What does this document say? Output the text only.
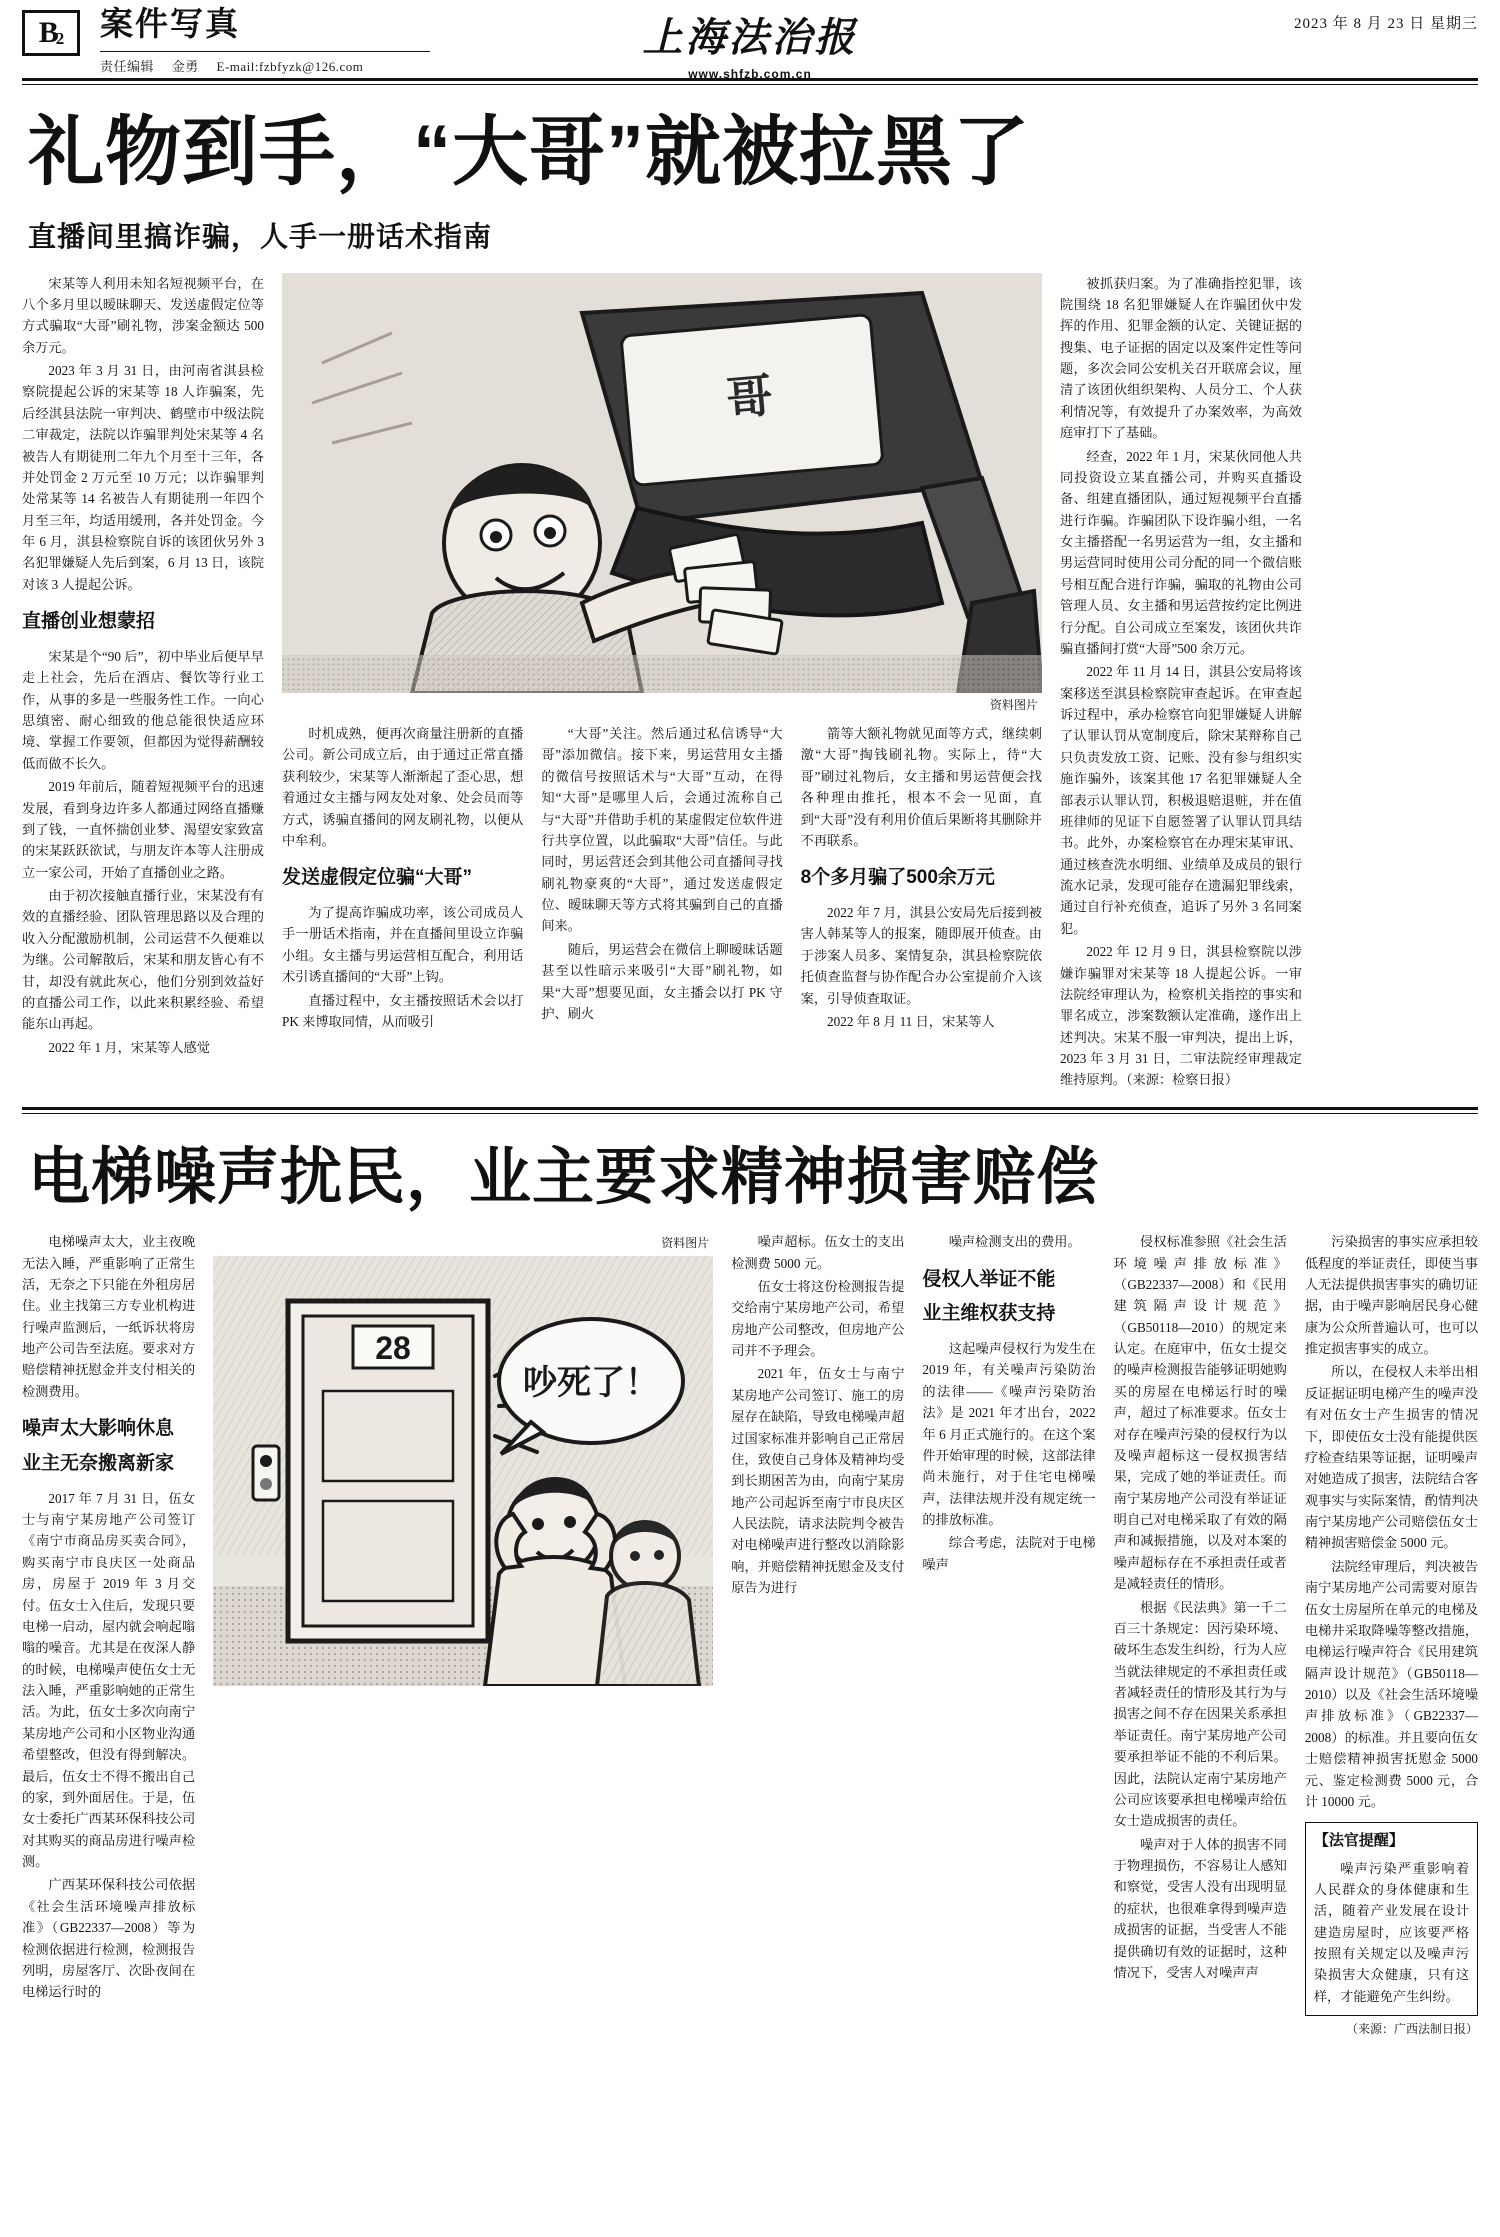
B
2 案件写真
责任编辑 金勇 E-mail:fzbfyzk@126.com
上海法治报
www.shfzb.com.cn
2023 年 8 月 23 日 星期三
礼物到手，“大哥”就被拉黑了
直播间里搞诈骗，人手一册话术指南

宋某等人利用未知名短视频平台，在八个多月里以暧昧聊天、发送虚假定位等方式骗取“大哥”刷礼物，涉案金额达 500 余万元。

2023 年 3 月 31 日，由河南省淇县检察院提起公诉的宋某等 18 人诈骗案，先后经淇县法院一审判决、鹤壁市中级法院二审裁定，法院以诈骗罪判处宋某等 4 名被告人有期徒刑二年九个月至十三年，各并处罚金 2 万元至 10 万元；以诈骗罪判处常某等 14 名被告人有期徒刑一年四个月至三年，均适用缓刑，各并处罚金。今年 6 月，淇县检察院自诉的该团伙另外 3 名犯罪嫌疑人先后到案，6 月 13 日，该院对该 3 人提起公诉。

直播创业想蒙招

宋某是个“90 后”，初中毕业后便早早走上社会，先后在酒店、餐饮等行业工作，从事的多是一些服务性工作。一向心思缜密、耐心细致的他总能很快适应环境、掌握工作要领，但都因为觉得薪酬较低而做不长久。

2019 年前后，随着短视频平台的迅速发展，看到身边许多人都通过网络直播赚到了钱，一直怀揣创业梦、渴望安家致富的宋某跃跃欲试，与朋友许本等人注册成立一家公司，开始了直播创业之路。

由于初次接触直播行业，宋某没有有效的直播经验、团队管理思路以及合理的收入分配激励机制，公司运营不久便难以为继。公司解散后，宋某和朋友皆心有不甘，却没有就此灰心，他们分别到效益好的直播公司工作，以此来积累经验、希望能东山再起。

2022 年 1 月，宋某等人感觉

哥
资料图片

时机成熟，便再次商量注册新的直播公司。新公司成立后，由于通过正常直播获利较少，宋某等人渐渐起了歪心思，想着通过女主播与网友处对象、处会员而等方式，诱骗直播间的网友刷礼物，以便从中牟利。

发送虚假定位骗“大哥”

为了提高诈骗成功率，该公司成员人手一册话术指南，并在直播间里设立诈骗小组。女主播与男运营相互配合，利用话术引诱直播间的“大哥”上钩。

直播过程中，女主播按照话术会以打 PK 来博取同情，从而吸引

“大哥”关注。然后通过私信诱导“大哥”添加微信。接下来，男运营用女主播的微信号按照话术与“大哥”互动，在得知“大哥”是哪里人后，会通过流称自己与“大哥”并借助手机的某虚假定位软件进行共享位置，以此骗取“大哥”信任。与此同时，男运营还会到其他公司直播间寻找刷礼物豪爽的“大哥”，通过发送虚假定位、暧昧聊天等方式将其骗到自己的直播间来。

随后，男运营会在微信上聊暧昧话题甚至以性暗示来吸引“大哥”刷礼物，如果“大哥”想要见面，女主播会以打 PK 守护、刷火

箭等大额礼物就见面等方式，继续刺激“大哥”掏钱刷礼物。实际上，待“大哥”刷过礼物后，女主播和男运营便会找各种理由推托，根本不会一见面，直到“大哥”没有利用价值后果断将其删除并不再联系。

8个多月骗了500余万元

2022 年 7 月，淇县公安局先后接到被害人韩某等人的报案，随即展开侦查。由于涉案人员多、案情复杂，淇县检察院依托侦查监督与协作配合办公室提前介入该案，引导侦查取证。

2022 年 8 月 11 日，宋某等人

被抓获归案。为了准确指控犯罪，该院围绕 18 名犯罪嫌疑人在诈骗团伙中发挥的作用、犯罪金额的认定、关键证据的搜集、电子证据的固定以及案件定性等问题，多次会同公安机关召开联席会议，厘清了该团伙组织架构、人员分工、个人获利情况等，有效提升了办案效率，为高效庭审打下了基础。

经查，2022 年 1 月，宋某伙同他人共同投资设立某直播公司，并购买直播设备、组建直播团队，通过短视频平台直播进行诈骗。诈骗团队下设诈骗小组，一名女主播搭配一名男运营为一组，女主播和男运营同时使用公司分配的同一个微信账号相互配合进行诈骗，骗取的礼物由公司管理人员、女主播和男运营按约定比例进行分配。自公司成立至案发，该团伙共诈骗直播间打赏“大哥”500 余万元。

2022 年 11 月 14 日，淇县公安局将该案移送至淇县检察院审查起诉。在审查起诉过程中，承办检察官向犯罪嫌疑人讲解了认罪认罚从宽制度后，除宋某辩称自己只负责发放工资、记账、没有参与组织实施诈骗外，该案其他 17 名犯罪嫌疑人全部表示认罪认罚，积极退赔退赃，并在值班律师的见证下自愿签署了认罪认罚具结书。此外，办案检察官在办理宋某审讯、通过核查洗水明细、业绩单及成员的银行流水记录，发现可能存在遗漏犯罪线索，通过自行补充侦查，追诉了另外 3 名同案犯。

2022 年 12 月 9 日，淇县检察院以涉嫌诈骗罪对宋某等 18 人提起公诉。一审法院经审理认为，检察机关指控的事实和罪名成立，涉案数额认定准确，遂作出上述判决。宋某不服一审判决，提出上诉，2023 年 3 月 31 日，二审法院经审理裁定维持原判。（来源：检察日报）

电梯噪声扰民，业主要求精神损害赔偿

电梯噪声太大，业主夜晚无法入睡，严重影响了正常生活，无奈之下只能在外租房居住。业主找第三方专业机构进行噪声监测后，一纸诉状将房地产公司告至法庭。要求对方赔偿精神抚慰金并支付相关的检测费用。

噪声太大影响休息
业主无奈搬离新家

2017 年 7 月 31 日，伍女士与南宁某房地产公司签订《南宁市商品房买卖合同》，购买南宁市良庆区一处商品房，房屋于 2019 年 3 月交付。伍女士入住后，发现只要电梯一启动，屋内就会响起嗡嗡的噪音。尤其是在夜深人静的时候，电梯噪声使伍女士无法入睡，严重影响她的正常生活。为此，伍女士多次向南宁某房地产公司和小区物业沟通希望整改，但没有得到解决。最后，伍女士不得不搬出自己的家，到外面居住。于是，伍女士委托广西某环保科技公司对其购买的商品房进行噪声检测。

广西某环保科技公司依据《社会生活环境噪声排放标准》（GB22337—2008）等为检测依据进行检测，检测报告列明，房屋客厅、次卧夜间在电梯运行时的

资料图片
28
吵死了！

噪声超标。伍女士的支出检测费 5000 元。

伍女士将这份检测报告提交给南宁某房地产公司，希望房地产公司整改，但房地产公司并不予理会。

2021 年，伍女士与南宁某房地产公司签订、施工的房屋存在缺陷，导致电梯噪声超过国家标准并影响自己正常居住，致使自己身体及精神均受到长期困苦为由，向南宁某房地产公司起诉至南宁市良庆区人民法院，请求法院判令被告对电梯噪声进行整改以消除影响，并赔偿精神抚慰金及支付原告为进行

噪声检测支出的费用。

侵权人举证不能
业主维权获支持

这起噪声侵权行为发生在 2019 年，有关噪声污染防治的法律——《噪声污染防治法》是 2021 年才出台，2022 年 6 月正式施行的。在这个案件开始审理的时候，这部法律尚未施行，对于住宅电梯噪声，法律法规并没有规定统一的排放标准。

综合考虑，法院对于电梯噪声

侵权标准参照《社会生活环境噪声排放标准》（GB22337—2008）和《民用建筑隔声设计规范》（GB50118—2010）的规定来认定。在庭审中，伍女士提交的噪声检测报告能够证明她购买的房屋在电梯运行时的噪声，超过了标准要求。伍女士对存在噪声污染的侵权行为以及噪声超标这一侵权损害结果，完成了她的举证责任。而南宁某房地产公司没有举证证明自己对电梯采取了有效的隔声和减振措施，以及对本案的噪声超标存在不承担责任或者是减轻责任的情形。

根据《民法典》第一千二百三十条规定：因污染环境、破坏生态发生纠纷，行为人应当就法律规定的不承担责任或者减轻责任的情形及其行为与损害之间不存在因果关系承担举证责任。南宁某房地产公司要承担举证不能的不利后果。因此，法院认定南宁某房地产公司应该要承担电梯噪声给伍女士造成损害的责任。

噪声对于人体的损害不同于物理损伤，不容易让人感知和察觉，受害人没有出现明显的症状，也很难拿得到噪声造成损害的证据，当受害人不能提供确切有效的证据时，这种情况下，受害人对噪声声

污染损害的事实应承担较低程度的举证责任，即使当事人无法提供损害事实的确切证据，由于噪声影响居民身心健康为公众所普遍认可，也可以推定损害事实的成立。

所以，在侵权人未举出相反证据证明电梯产生的噪声没有对伍女士产生损害的情况下，即使伍女士没有能提供医疗检查结果等证据，证明噪声对她造成了损害，法院结合客观事实与实际案情，酌情判决南宁某房地产公司赔偿伍女士精神损害赔偿金 5000 元。

法院经审理后，判决被告南宁某房地产公司需要对原告伍女士房屋所在单元的电梯及电梯井采取降噪等整改措施，电梯运行噪声符合《民用建筑隔声设计规范》（GB50118—2010）以及《社会生活环境噪声排放标准》（GB22337—2008）的标准。并且要向伍女士赔偿精神损害抚慰金 5000 元、鉴定检测费 5000 元，合计 10000 元。

【法官提醒】

噪声污染严重影响着人民群众的身体健康和生活，随着产业发展在设计建造房屋时，应该要严格按照有关规定以及噪声污染损害大众健康，只有这样，才能避免产生纠纷。

（来源：广西法制日报）
